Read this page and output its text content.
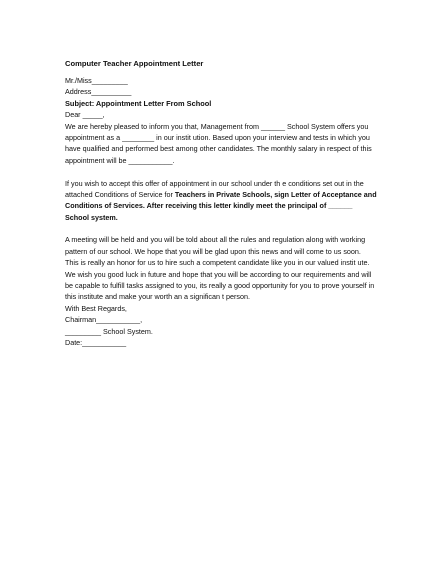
Computer Teacher Appointment Letter
Mr./Miss_________
Address__________
Subject: Appointment Letter From School
Dear _____,
We are hereby pleased to inform you that, Management from ______ School System offers you
appointment as a ________ in our instit ution. Based upon your interview and tests in which you
have qualified and performed best among other candidates. The monthly salary in respect of this
appointment will be ___________.
If you wish to accept this offer of appointment in our school under th e conditions set out in the
attached Conditions of Service for Teachers in Private Schools, sign Letter of Acceptance and
Conditions of Services. After receiving this letter kindly meet the principal of ______
School system.
A meeting will be held and you will be told about all the rules and regulation along with working
pattern of our school. We hope that you will be glad upon this news and will come to us soon.
This is really an honor for us to hire such a competent candidate like you in our valued instit ute.
We wish you good luck in future and hope that you will be according to our requirements and will
be capable to fulfill tasks assigned to you, its really a good opportunity for you to prove yourself in
this institute and make your worth an a significan t person.
With Best Regards,
Chairman___________,
_________ School System.
Date:___________
